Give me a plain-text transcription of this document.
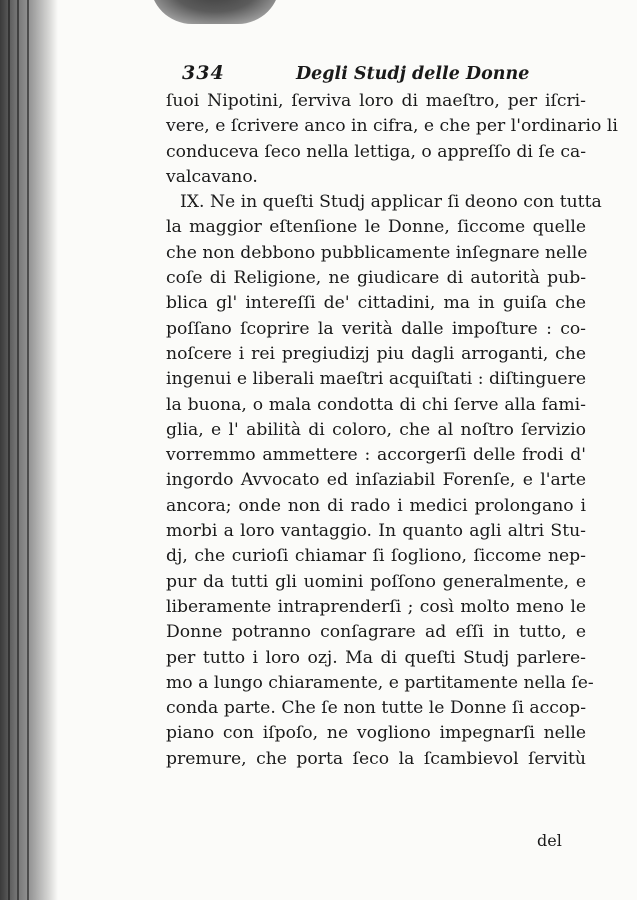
334	Degli Studj delle Donne
ſuoi Nipotini, ſerviva loro di maeſtro, per iſcri-
vere, e ſcrivere anco in cifra, e che per l'ordinario li
conduceva ſeco nella lettiga, o appreſſo di ſe ca-
valcavano.
IX. Ne in queſti Studj applicar ſi deono con tutta
la maggior eſtenſione le Donne, ſiccome quelle
che non debbono pubblicamente inſegnare nelle
coſe di Religione, ne giudicare di autorità pub-
blica gl' intereſſi de' cittadini, ma in guiſa che
poſſano ſcoprire la verità dalle impoſture : co-
noſcere i rei pregiudizj piu dagli arroganti, che
ingenui e liberali maeſtri acquiſtati : diſtinguere
la buona, o mala condotta di chi ſerve alla fami-
glia, e l' abilità di coloro, che al noſtro ſervizio
vorremmo ammettere : accorgerſi delle frodi d'
ingordo Avvocato ed inſaziabil Forenſe, e l'arte
ancora; onde non di rado i medici prolongano i
morbi a loro vantaggio. In quanto agli altri Stu-
dj, che curioſi chiamar ſi ſogliono, ſiccome nep-
pur da tutti gli uomini poſſono generalmente, e
liberamente intraprenderſi ; così molto meno le
Donne potranno conſagrare ad eſſi in tutto, e
per tutto i loro ozj. Ma di queſti Studj parlere-
mo a lungo chiaramente, e partitamente nella ſe-
conda parte. Che ſe non tutte le Donne ſi accop-
piano con iſpoſo, ne vogliono impegnarſi nelle
premure, che porta ſeco la ſcambievol ſervitù
del
